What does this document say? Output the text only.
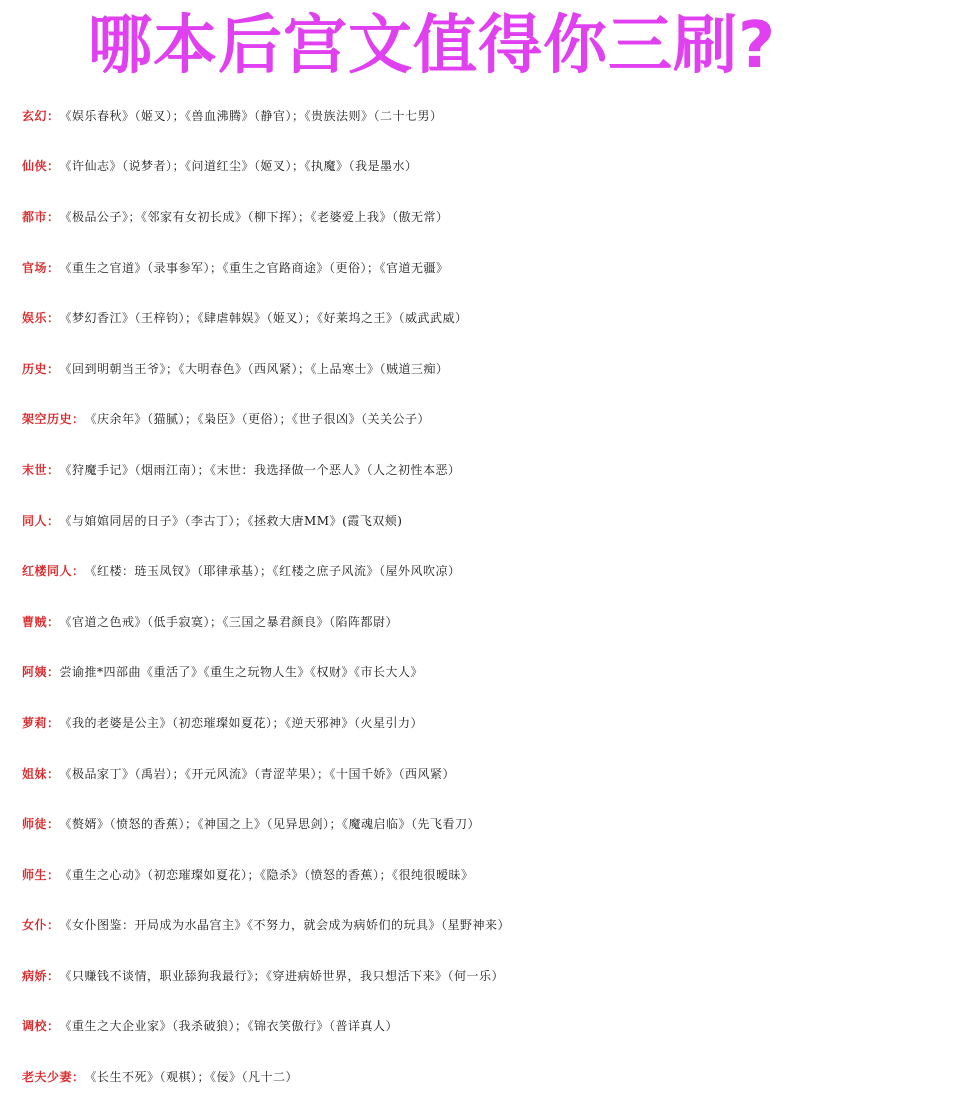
哪本后宫文值得你三刷?
玄幻： 《娱乐春秋》（姬叉）；《兽血沸腾》（静官）；《贵族法则》（二十七男）
仙侠： 《许仙志》（说梦者）；《问道红尘》（姬叉）；《执魔》（我是墨水）
都市： 《极品公子》；《邻家有女初长成》（柳下挥）；《老婆爱上我》（傲无常）
官场： 《重生之官道》（录事参军）；《重生之官路商途》（更俗）；《官道无疆》
娱乐： 《梦幻香江》（王梓钧）；《肆虐韩娱》（姬叉）；《好莱坞之王》（威武武威）
历史： 《回到明朝当王爷》；《大明春色》（西风紧）；《上品寒士》（贼道三痴）
架空历史： 《庆余年》（猫腻）；《枭臣》（更俗）；《世子很凶》（关关公子）
末世： 《狩魔手记》（烟雨江南）；《末世：我选择做一个恶人》（人之初性本恶）
同人： 《与婠婠同居的日子》（李古丁）；《拯救大唐MM》(霞飞双颊)
红楼同人： 《红楼：琏玉凤钗》（耶律承基）；《红楼之庶子风流》（屋外风吹凉）
曹贼： 《官道之色戒》（低手寂寞）；《三国之暴君颜良》（陷阵都尉）
阿姨： 尝谕推*四部曲《重活了》《重生之玩物人生》《权财》《市长大人》
萝莉： 《我的老婆是公主》（初恋璀璨如夏花）；《逆天邪神》（火星引力）
姐妹： 《极品家丁》（禹岩）；《开元风流》（青涩苹果）；《十国千娇》（西风紧）
师徒： 《赘婿》（愤怒的香蕉）；《神国之上》（见异思剑）；《魔魂启临》（先飞看刀）
师生： 《重生之心动》（初恋璀璨如夏花）；《隐杀》（愤怒的香蕉）；《很纯很暧昧》
女仆： 《女仆图鉴：开局成为水晶宫主》《不努力，就会成为病娇们的玩具》（星野神来）
病娇： 《只赚钱不谈情，职业舔狗我最行》；《穿进病娇世界，我只想活下来》（何一乐）
调校： 《重生之大企业家》（我杀破狼）；《锦衣笑傲行》（普详真人）
老夫少妻： 《长生不死》（观棋）；《佞》（凡十二）
